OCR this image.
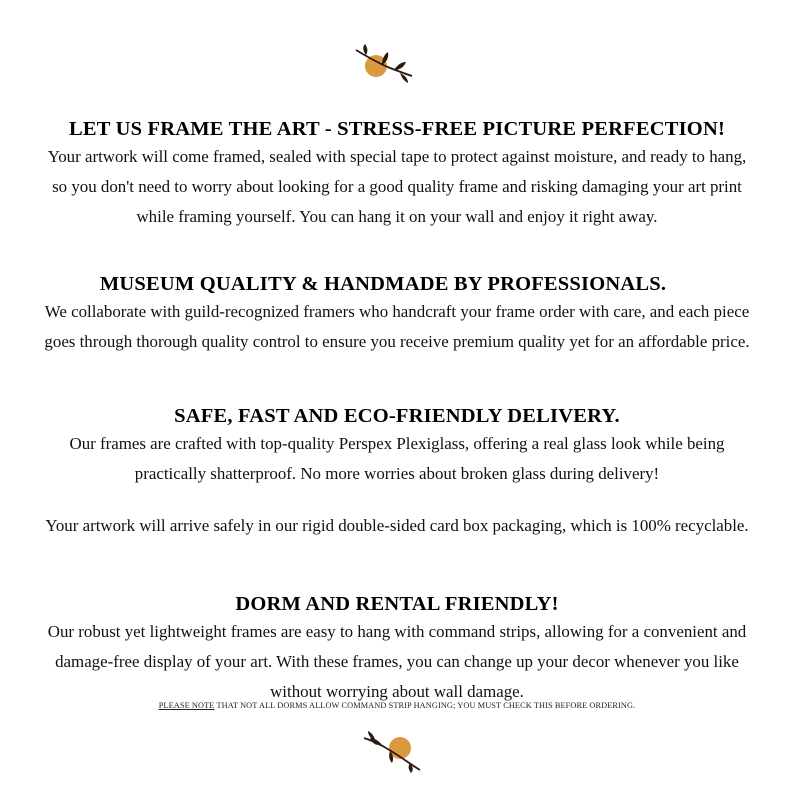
LET US FRAME THE ART - STRESS-FREE PICTURE PERFECTION!
Your artwork will come framed, sealed with special tape to protect against moisture, and ready to hang, so you don't need to worry about looking for a good quality frame and risking damaging your art print while framing yourself. You can hang it on your wall and enjoy it right away.
MUSEUM QUALITY & HANDMADE BY PROFESSIONALS.
We collaborate with guild-recognized framers who handcraft your frame order with care, and each piece goes through thorough quality control to ensure you receive premium quality yet for an affordable price.
SAFE, FAST AND ECO-FRIENDLY DELIVERY.
Our frames are crafted with top-quality Perspex Plexiglass, offering a real glass look while being practically shatterproof. No more worries about broken glass during delivery!
Your artwork will arrive safely in our rigid double-sided card box packaging, which is 100% recyclable.
DORM AND RENTAL FRIENDLY!
Our robust yet lightweight frames are easy to hang with command strips, allowing for a convenient and damage-free display of your art. With these frames, you can change up your decor whenever you like without worrying about wall damage.
PLEASE NOTE THAT NOT ALL DORMS ALLOW COMMAND STRIP HANGING; YOU MUST CHECK THIS BEFORE ORDERING.
